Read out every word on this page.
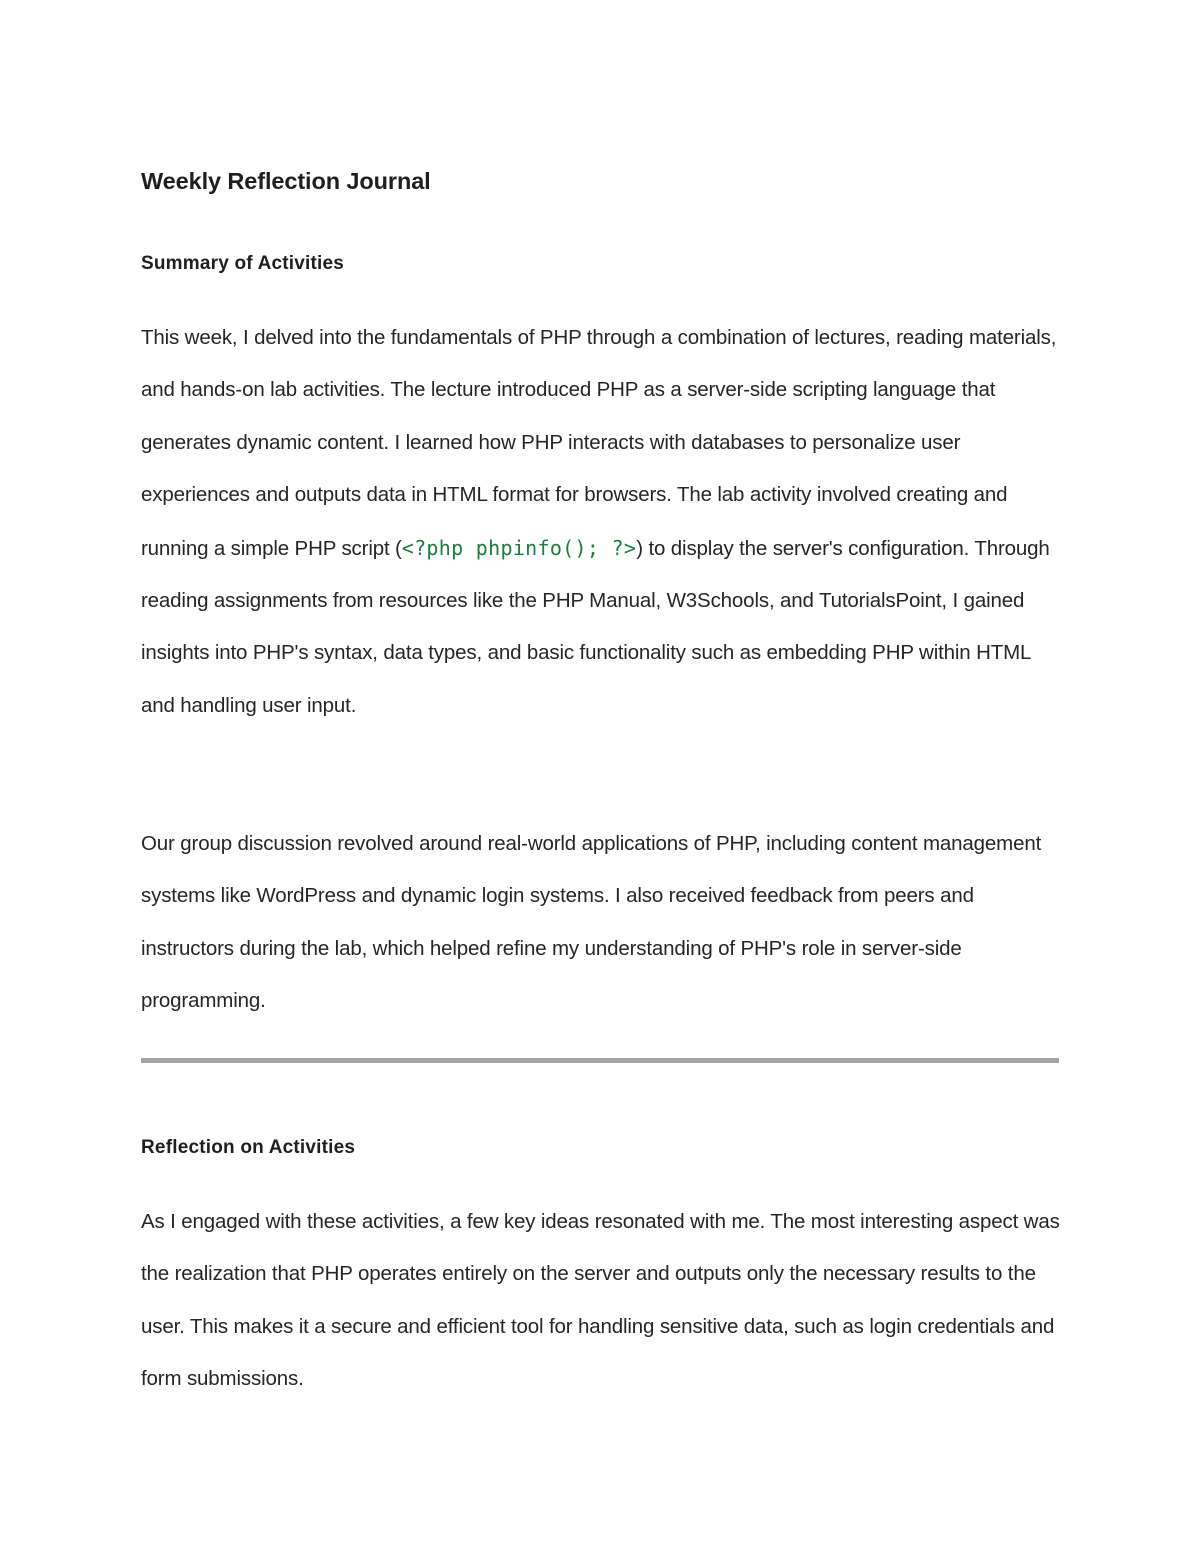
Weekly Reflection Journal
Summary of Activities

This week, I delved into the fundamentals of PHP through a combination of lectures, reading materials, and hands-on lab activities. The lecture introduced PHP as a server-side scripting language that generates dynamic content. I learned how PHP interacts with databases to personalize user experiences and outputs data in HTML format for browsers. The lab activity involved creating and running a simple PHP script (<?php phpinfo(); ?>) to display the server's configuration. Through reading assignments from resources like the PHP Manual, W3Schools, and TutorialsPoint, I gained insights into PHP's syntax, data types, and basic functionality such as embedding PHP within HTML and handling user input.

Our group discussion revolved around real-world applications of PHP, including content management systems like WordPress and dynamic login systems. I also received feedback from peers and instructors during the lab, which helped refine my understanding of PHP's role in server-side programming.

Reflection on Activities

As I engaged with these activities, a few key ideas resonated with me. The most interesting aspect was the realization that PHP operates entirely on the server and outputs only the necessary results to the user. This makes it a secure and efficient tool for handling sensitive data, such as login credentials and form submissions.
